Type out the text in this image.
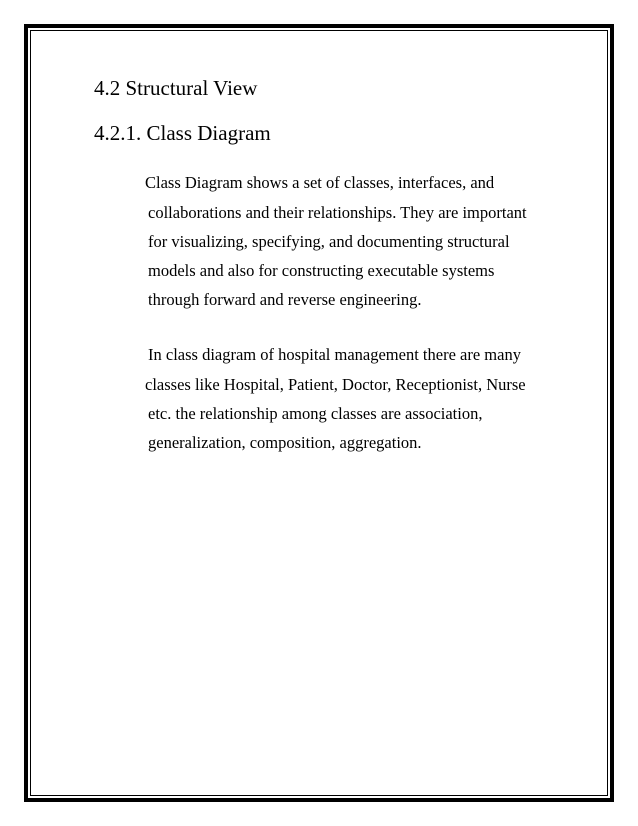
4.2 Structural View
4.2.1. Class Diagram
Class Diagram shows a set of classes, interfaces, and
collaborations and their relationships. They are important
for visualizing, specifying, and documenting structural
models and also for constructing executable systems
through forward and reverse engineering.
In class diagram of hospital management there are many
classes like Hospital, Patient, Doctor, Receptionist, Nurse
etc. the relationship among classes are association,
generalization, composition, aggregation.
